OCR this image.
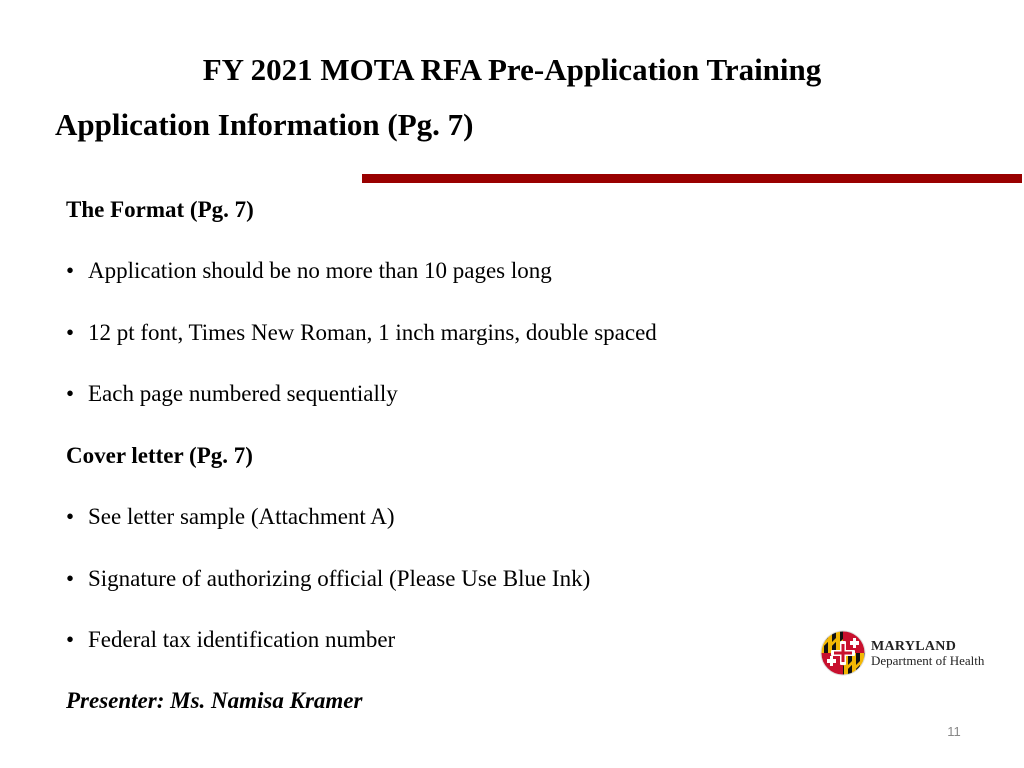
FY 2021 MOTA RFA Pre-Application Training
Application Information (Pg. 7)
The Format (Pg. 7)
• Application should be no more than 10 pages long
• 12 pt font, Times New Roman, 1 inch margins, double spaced
• Each page numbered sequentially
Cover letter (Pg. 7)
• See letter sample (Attachment A)
• Signature of authorizing official (Please Use Blue Ink)
• Federal tax identification number
Presenter: Ms. Namisa Kramer
MARYLAND
Department of Health
11
